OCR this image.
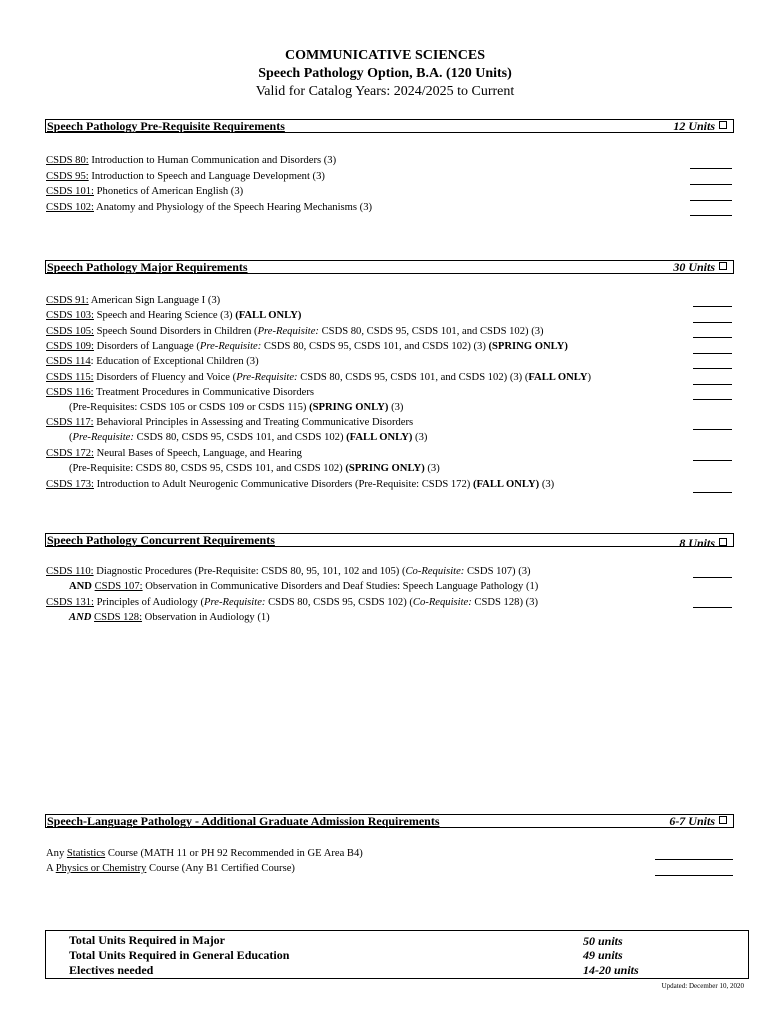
COMMUNICATIVE SCIENCES
Speech Pathology Option, B.A. (120 Units)
Valid for Catalog Years: 2024/2025 to Current
Speech Pathology Pre-Requisite Requirements	12 Units
CSDS 80: Introduction to Human Communication and Disorders (3)
CSDS 95: Introduction to Speech and Language Development (3)
CSDS 101: Phonetics of American English (3)
CSDS 102: Anatomy and Physiology of the Speech Hearing Mechanisms (3)
Speech Pathology Major Requirements	30 Units
CSDS 91: American Sign Language I (3)
CSDS 103: Speech and Hearing Science (3) (FALL ONLY)
CSDS 105: Speech Sound Disorders in Children (Pre-Requisite: CSDS 80, CSDS 95, CSDS 101, and CSDS 102) (3)
CSDS 109: Disorders of Language (Pre-Requisite: CSDS 80, CSDS 95, CSDS 101, and CSDS 102) (3) (SPRING ONLY)
CSDS 114: Education of Exceptional Children (3)
CSDS 115: Disorders of Fluency and Voice (Pre-Requisite: CSDS 80, CSDS 95, CSDS 101, and CSDS 102) (3) (FALL ONLY)
CSDS 116: Treatment Procedures in Communicative Disorders
(Pre-Requisites: CSDS 105 or CSDS 109 or CSDS 115) (SPRING ONLY) (3)
CSDS 117: Behavioral Principles in Assessing and Treating Communicative Disorders
(Pre-Requisite: CSDS 80, CSDS 95, CSDS 101, and CSDS 102) (FALL ONLY) (3)
CSDS 172: Neural Bases of Speech, Language, and Hearing
(Pre-Requisite: CSDS 80, CSDS 95, CSDS 101, and CSDS 102) (SPRING ONLY) (3)
CSDS 173: Introduction to Adult Neurogenic Communicative Disorders (Pre-Requisite: CSDS 172) (FALL ONLY) (3)
Speech Pathology Concurrent Requirements	8 Units
CSDS 110: Diagnostic Procedures (Pre-Requisite: CSDS 80, 95, 101, 102 and 105) (Co-Requisite: CSDS 107) (3)
AND CSDS 107: Observation in Communicative Disorders and Deaf Studies: Speech Language Pathology (1)
CSDS 131: Principles of Audiology (Pre-Requisite: CSDS 80, CSDS 95, CSDS 102) (Co-Requisite: CSDS 128) (3)
AND CSDS 128: Observation in Audiology (1)
Speech-Language Pathology - Additional Graduate Admission Requirements	6-7 Units
Any Statistics Course (MATH 11 or PH 92 Recommended in GE Area B4)
A Physics or Chemistry Course (Any B1 Certified Course)
Total Units Required in Major	50 units
Total Units Required in General Education	49 units
Electives needed	14-20 units
Updated: December 10, 2020
